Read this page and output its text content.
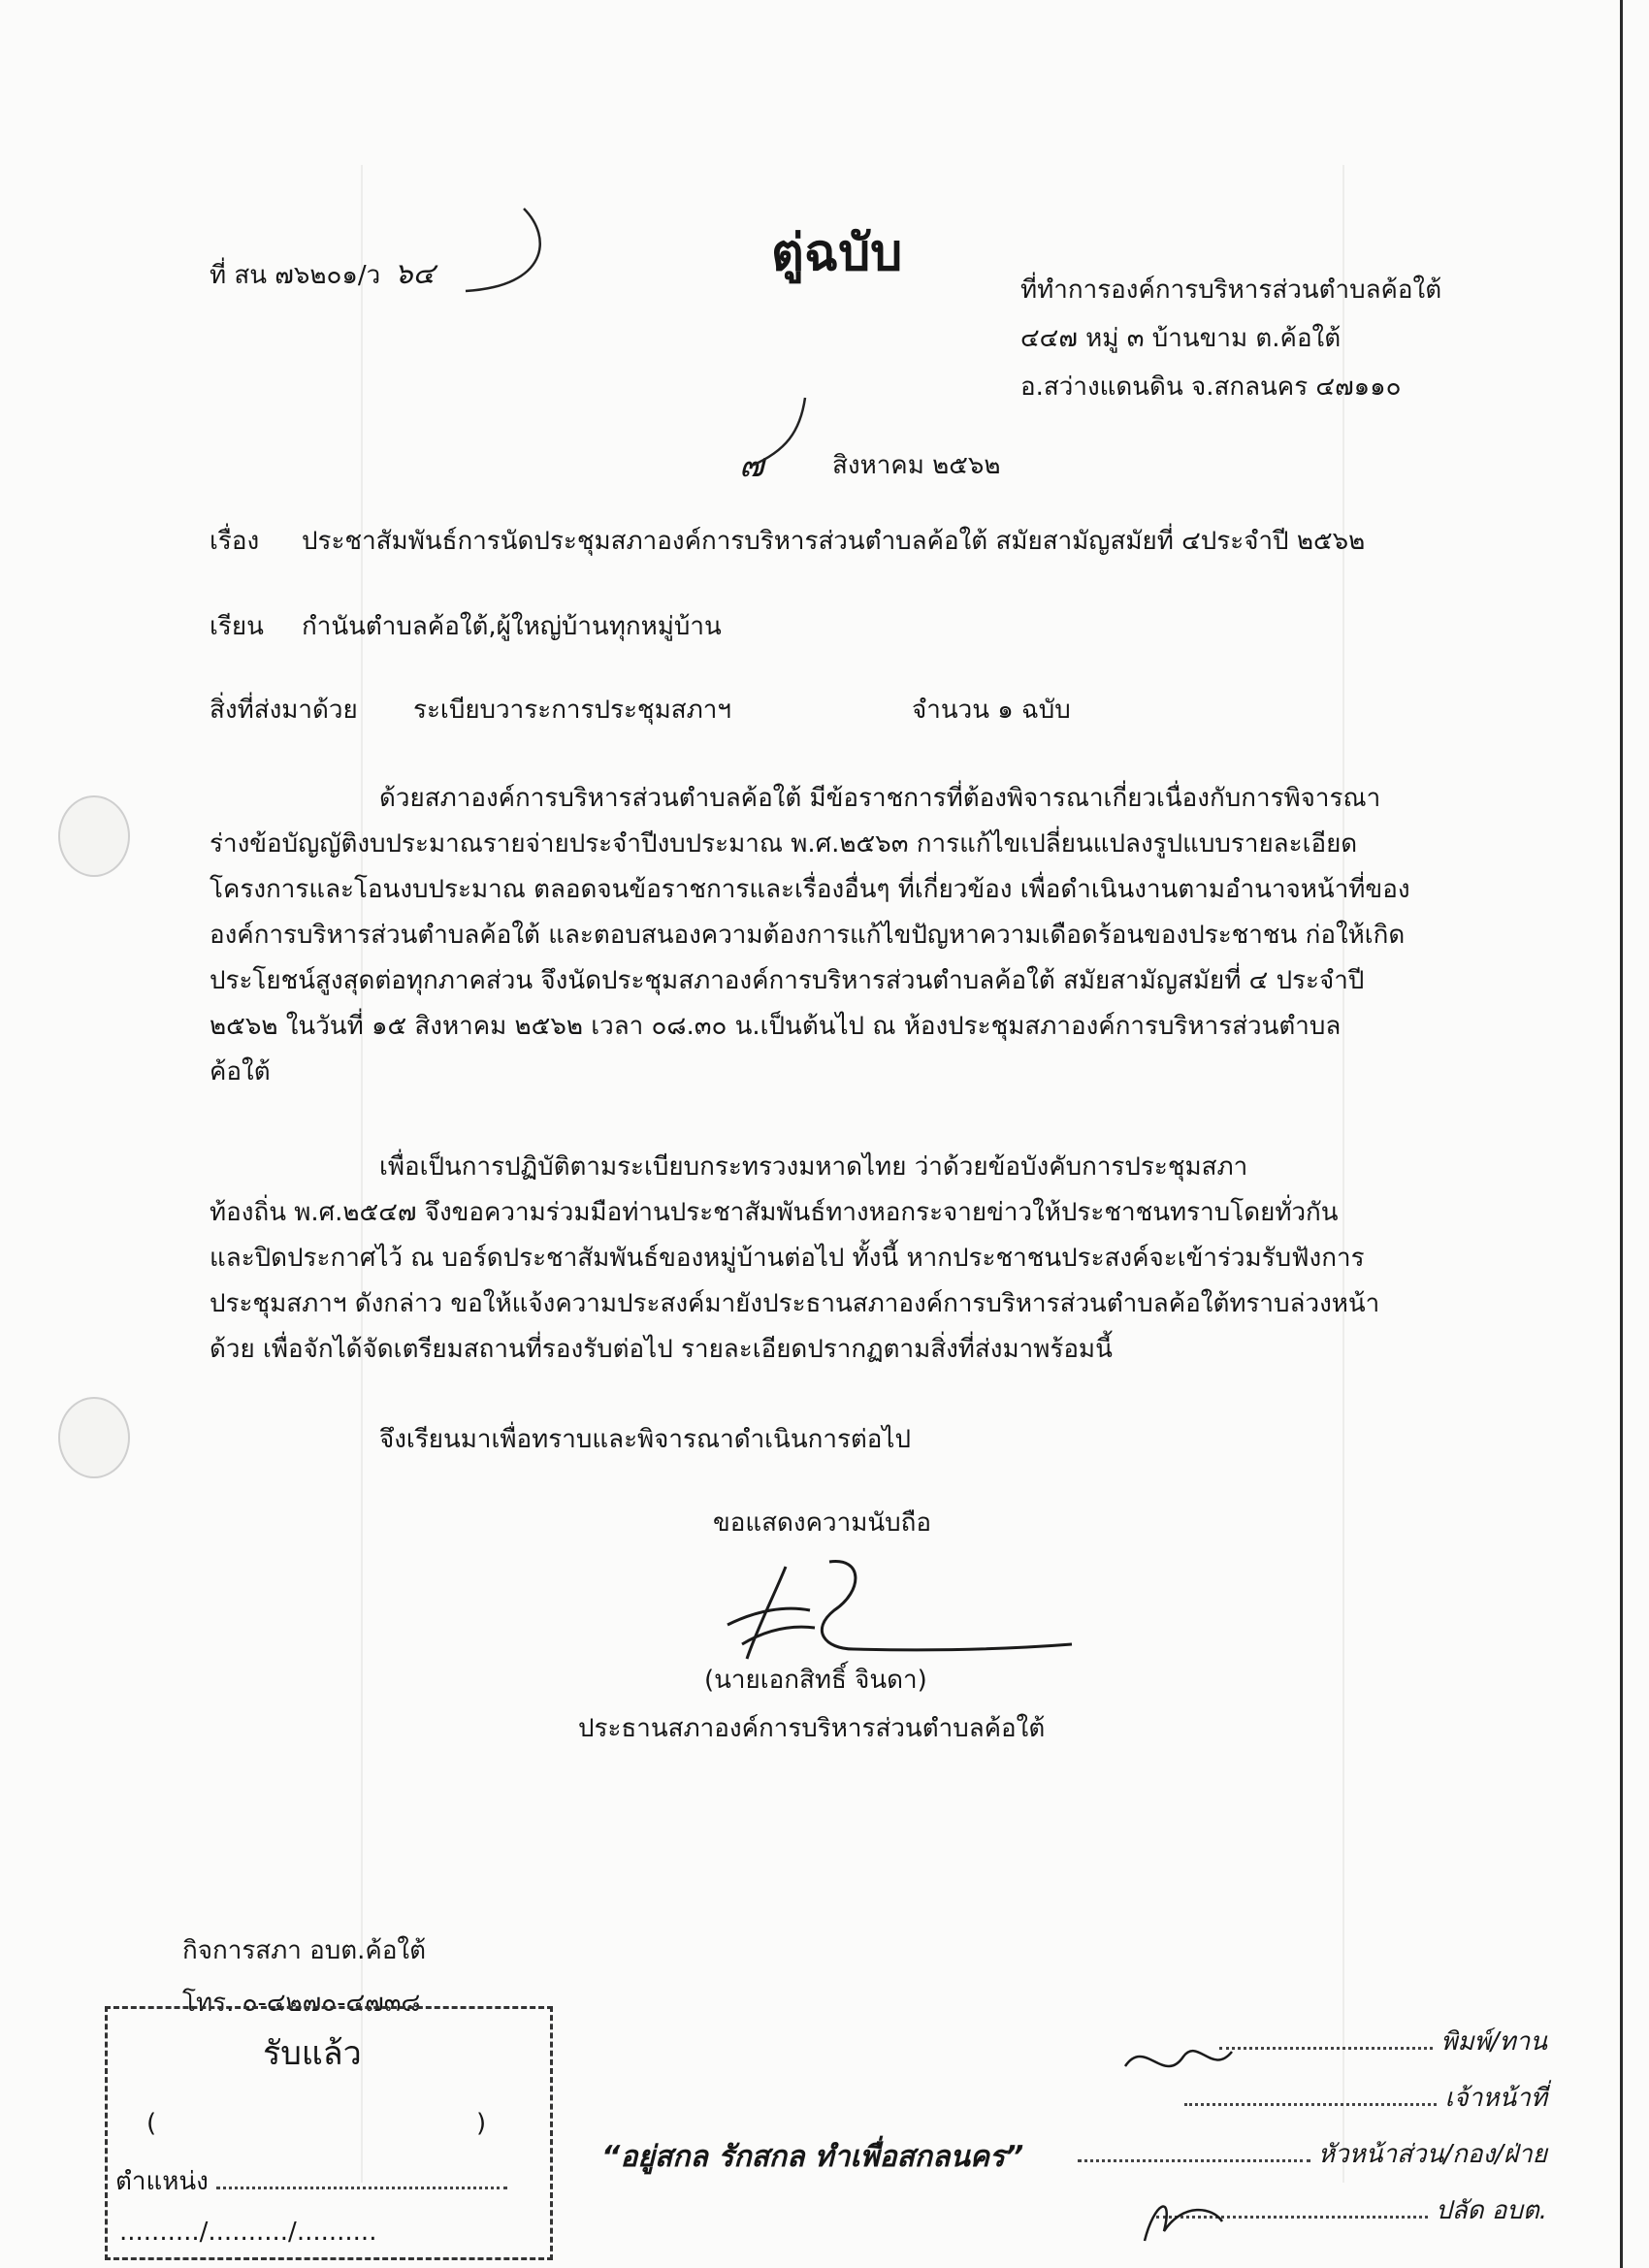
ตู่ฉบับ
ที่ สน ๗๖๒๐๑/ว ๖๔	ที่ทำการองค์การบริหารส่วนตำบลค้อใต้
๔๔๗ หมู่ ๓ บ้านขาม ต.ค้อใต้
อ.สว่างแดนดิน จ.สกลนคร ๔๗๑๑๐
๗	สิงหาคม ๒๕๖๒
เรื่อง ประชาสัมพันธ์การนัดประชุมสภาองค์การบริหารส่วนตำบลค้อใต้ สมัยสามัญสมัยที่ ๔ประจำปี ๒๕๖๒
เรียน กำนันตำบลค้อใต้,ผู้ใหญ่บ้านทุกหมู่บ้าน
สิ่งที่ส่งมาด้วย ระเบียบวาระการประชุมสภาฯ	จำนวน ๑ ฉบับ
ด้วยสภาองค์การบริหารส่วนตำบลค้อใต้ มีข้อราชการที่ต้องพิจารณาเกี่ยวเนื่องกับการพิจารณา
ร่างข้อบัญญัติงบประมาณรายจ่ายประจำปีงบประมาณ พ.ศ.๒๕๖๓ การแก้ไขเปลี่ยนแปลงรูปแบบรายละเอียด
โครงการและโอนงบประมาณ ตลอดจนข้อราชการและเรื่องอื่นๆ ที่เกี่ยวข้อง เพื่อดำเนินงานตามอำนาจหน้าที่ของ
องค์การบริหารส่วนตำบลค้อใต้ และตอบสนองความต้องการแก้ไขปัญหาความเดือดร้อนของประชาชน ก่อให้เกิด
ประโยชน์สูงสุดต่อทุกภาคส่วน จึงนัดประชุมสภาองค์การบริหารส่วนตำบลค้อใต้ สมัยสามัญสมัยที่ ๔ ประจำปี
๒๕๖๒ ในวันที่ ๑๕ สิงหาคม ๒๕๖๒ เวลา ๐๘.๓๐ น.เป็นต้นไป ณ ห้องประชุมสภาองค์การบริหารส่วนตำบล
ค้อใต้
เพื่อเป็นการปฏิบัติตามระเบียบกระทรวงมหาดไทย ว่าด้วยข้อบังคับการประชุมสภา
ท้องถิ่น พ.ศ.๒๕๔๗ จึงขอความร่วมมือท่านประชาสัมพันธ์ทางหอกระจายข่าวให้ประชาชนทราบโดยทั่วกัน
และปิดประกาศไว้ ณ บอร์ดประชาสัมพันธ์ของหมู่บ้านต่อไป ทั้งนี้ หากประชาชนประสงค์จะเข้าร่วมรับฟังการ
ประชุมสภาฯ ดังกล่าว ขอให้แจ้งความประสงค์มายังประธานสภาองค์การบริหารส่วนตำบลค้อใต้ทราบล่วงหน้า
ด้วย เพื่อจักได้จัดเตรียมสถานที่รองรับต่อไป รายละเอียดปรากฏตามสิ่งที่ส่งมาพร้อมนี้
จึงเรียนมาเพื่อทราบและพิจารณาดำเนินการต่อไป
ขอแสดงความนับถือ
(นายเอกสิทธิ์ จินดา)
ประธานสภาองค์การบริหารส่วนตำบลค้อใต้
กิจการสภา อบต.ค้อใต้
โทร. ๐-๔๒๗๐-๔๗๓๘
รับแล้ว
(	)
ตำแหน่ง
........../........../..........
“อยู่สกล รักสกล ทำเพื่อสกลนคร”
พิมพ์/ทาน
เจ้าหน้าที่
หัวหน้าส่วน/กอง/ฝ่าย
ปลัด อบต.
